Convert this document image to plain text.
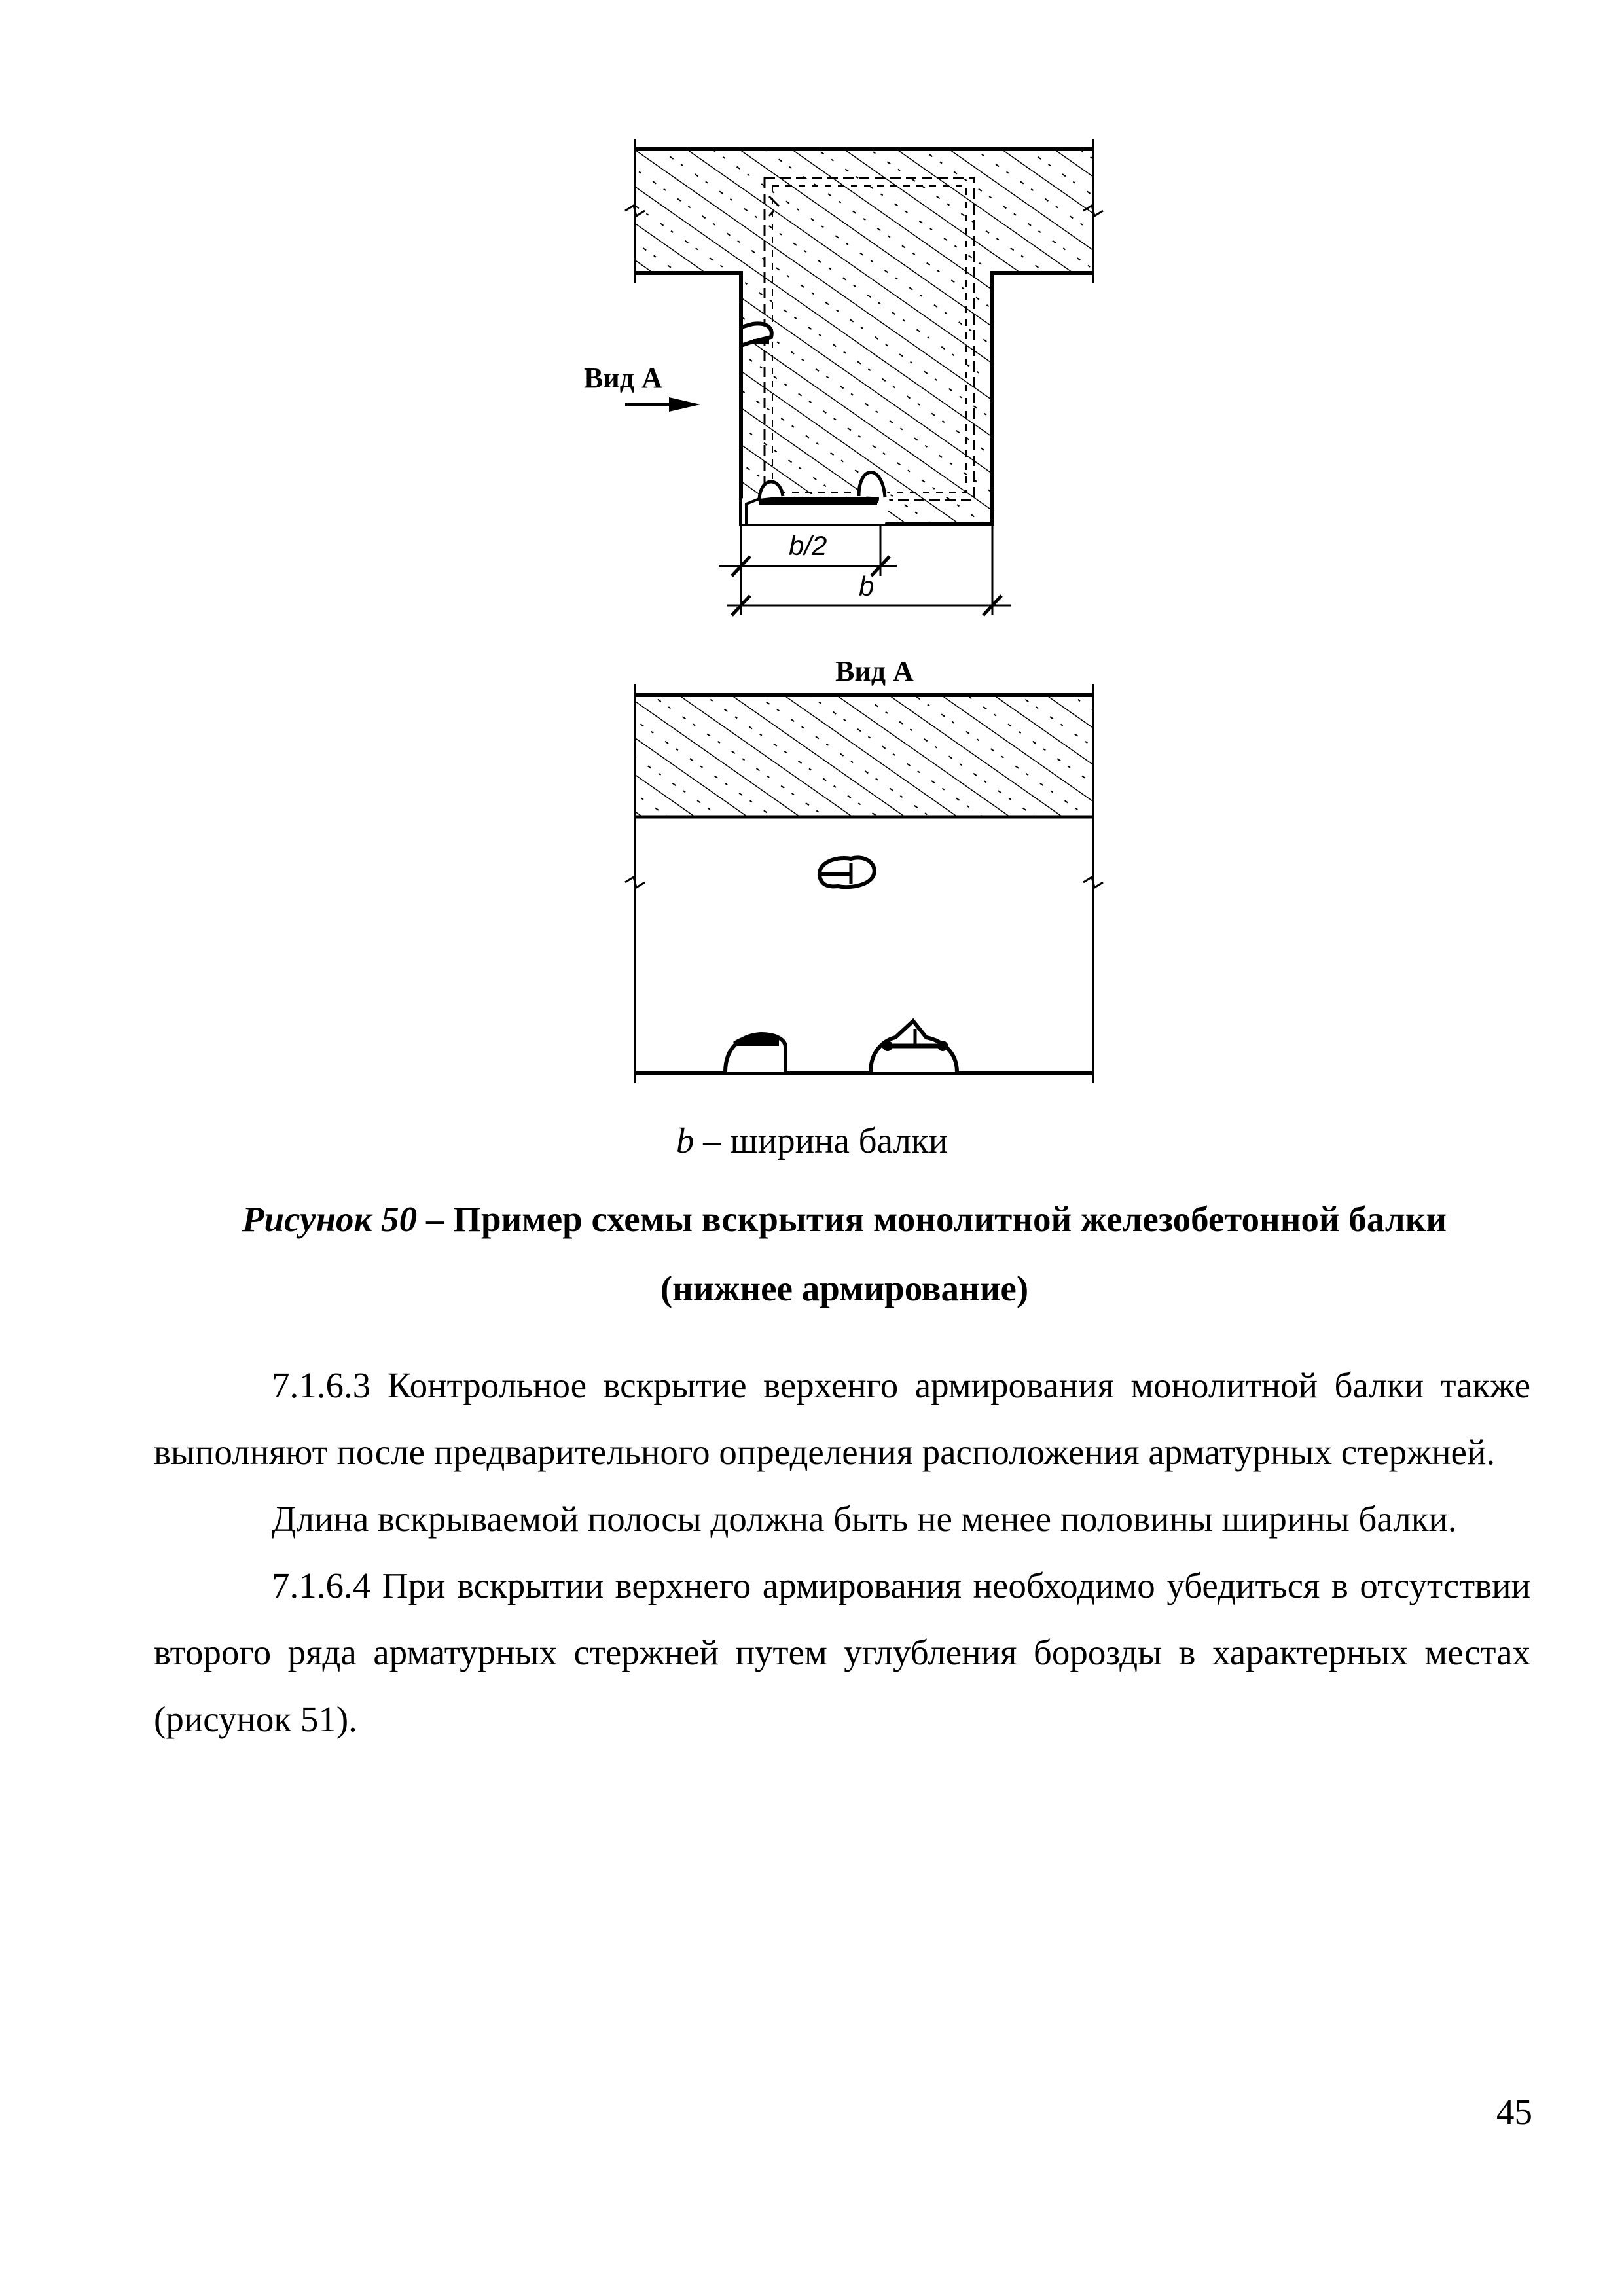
Вид А
b/2
b
Вид А
b – ширина балки
Рисунок 50 – Пример схемы вскрытия монолитной железобетонной балки
(нижнее армирование)

7.1.6.3 Контрольное вскрытие верхенго армирования монолитной балки также выполняют после предварительного определения расположения арматурных стержней.

Длина вскрываемой полосы должна быть не менее половины ширины балки.

7.1.6.4 При вскрытии верхнего армирования необходимо убедиться в отсутствии второго ряда арматурных стержней путем углубления борозды в характерных местах (рисунок 51).

45
